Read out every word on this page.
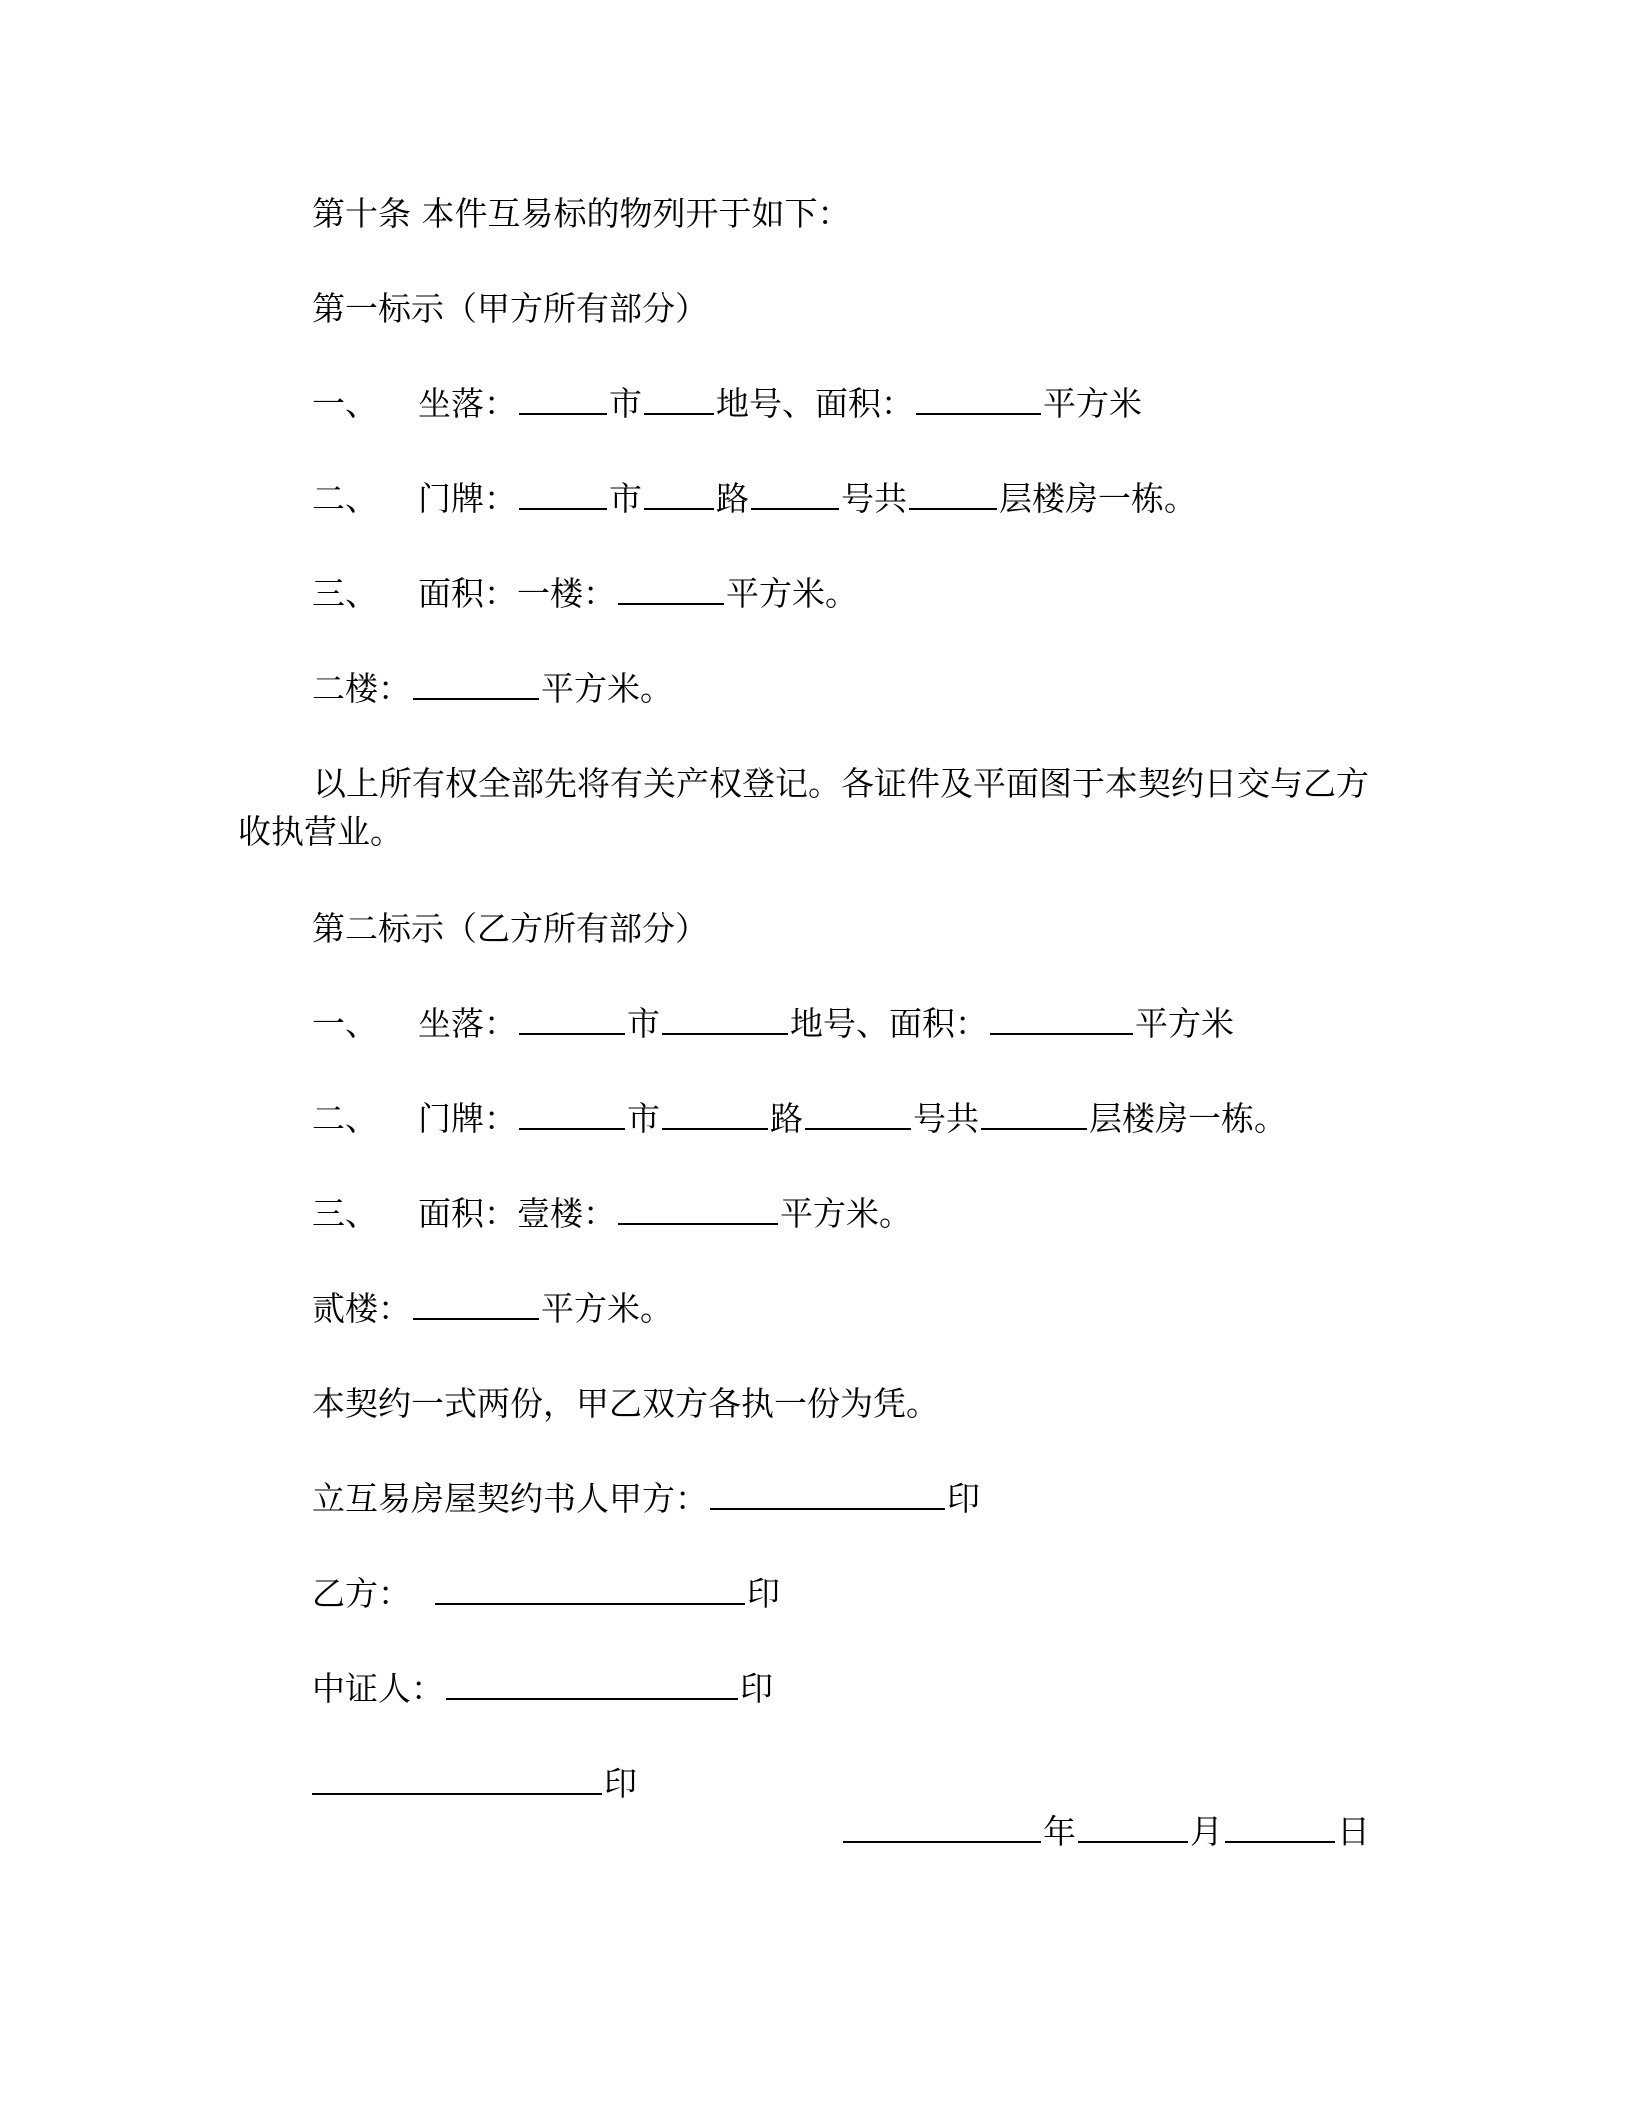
第十条 本件互易标的物列开于如下：
第一标示（甲方所有部分）
一、 坐落：	市 地号、面积：	平方米
二、 门牌：	市 路	号共	层楼房一栋。
三、 面积：一楼：	平方米。
二楼：	平方米。
以上所有权全部先将有关产权登记。各证件及平面图于本契约日交与乙方收执营业。
第二标示（乙方所有部分）
一、 坐落：	市	地号、面积：	平方米
二、 门牌：	市	路	号共	层楼房一栋。
三、 面积：壹楼：	平方米。
贰楼：	平方米。
本契约一式两份，甲乙双方各执一份为凭。
立互易房屋契约书人甲方：	印
乙方：	印
中证人：	印
印
年	月	日
